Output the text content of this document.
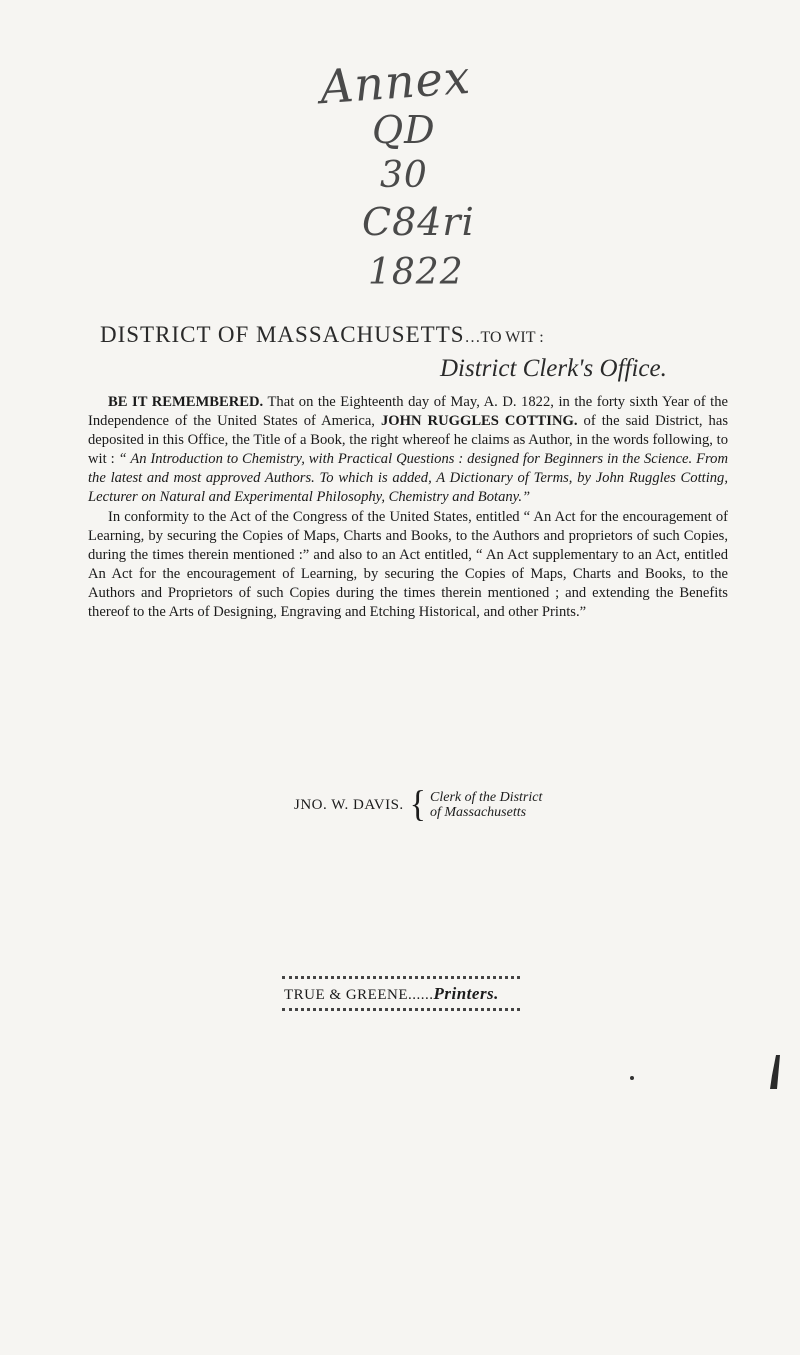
Annex
QD
30
C84ri
1822
DISTRICT OF MASSACHUSETTS…TO WIT :
District Clerk's Office.

BE IT REMEMBERED. That on the Eighteenth day of May, A. D. 1822, in the forty sixth Year of the Independence of the United States of America, JOHN RUGGLES COTTING. of the said District, has deposited in this Office, the Title of a Book, the right whereof he claims as Author, in the words following, to wit : “ An Introduction to Chemistry, with Practical Questions : designed for Beginners in the Science. From the latest and most approved Authors. To which is added, A Dictionary of Terms, by John Ruggles Cotting, Lecturer on Natural and Experimental Philosophy, Chemistry and Botany.”

In conformity to the Act of the Congress of the United States, entitled “ An Act for the encouragement of Learning, by securing the Copies of Maps, Charts and Books, to the Authors and proprietors of such Copies, during the times therein mentioned :” and also to an Act entitled, “ An Act supplementary to an Act, entitled An Act for the encouragement of Learning, by securing the Copies of Maps, Charts and Books, to the Authors and Proprietors of such Copies during the times therein mentioned ; and extending the Benefits thereof to the Arts of Designing, Engraving and Etching Historical, and other Prints.”

JNO. W. DAVIS. { Clerk of the District
of Massachusetts
TRUE & GREENE......Printers.
